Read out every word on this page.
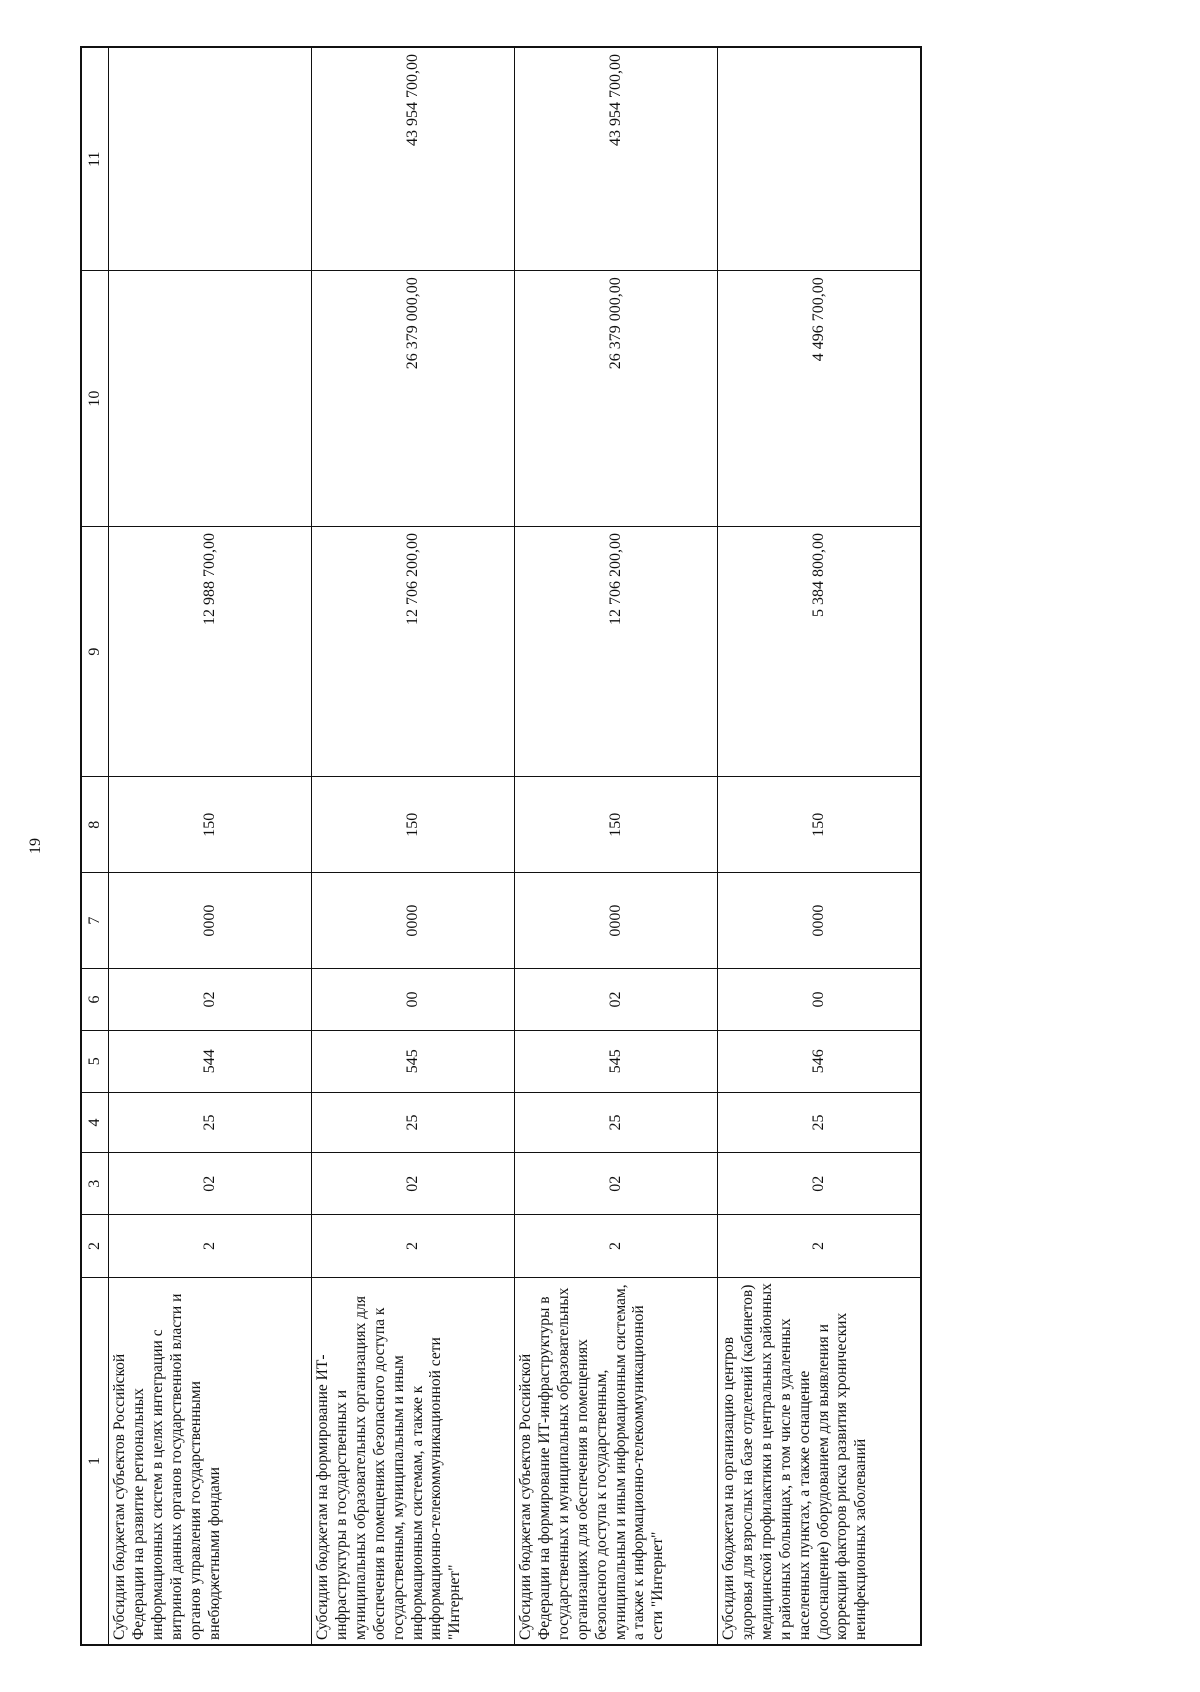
19
1	2	3	4	5	6	7	8	9	10	11
Субсидии бюджетам субъектов Российской Федерации на развитие региональных информационных систем в целях интеграции с витриной данных органов государственной власти и органов управления государственными внебюджетными фондами	2	02	25	544	02	0000	150	12 988 700,00		
Субсидии бюджетам на формирование ИТ-инфраструктуры в государственных и муниципальных образовательных организациях для обеспечения в помещениях безопасного доступа к государственным, муниципальным и иным информационным системам, а также к информационно-телекоммуникационной сети "Интернет"	2	02	25	545	00	0000	150	12 706 200,00	26 379 000,00	43 954 700,00
Субсидии бюджетам субъектов Российской Федерации на формирование ИТ-инфраструктуры в государственных и муниципальных образовательных организациях для обеспечения в помещениях безопасного доступа к государственным, муниципальным и иным информационным системам, а также к информационно-телекоммуникационной сети "Интернет"	2	02	25	545	02	0000	150	12 706 200,00	26 379 000,00	43 954 700,00
Субсидии бюджетам на организацию центров здоровья для взрослых на базе отделений (кабинетов) медицинской профилактики в центральных районных и районных больницах, в том числе в удаленных населенных пунктах, а также оснащение (дооснащение) оборудованием для выявления и коррекции факторов риска развития хронических неинфекционных заболеваний	2	02	25	546	00	0000	150	5 384 800,00	4 496 700,00	
